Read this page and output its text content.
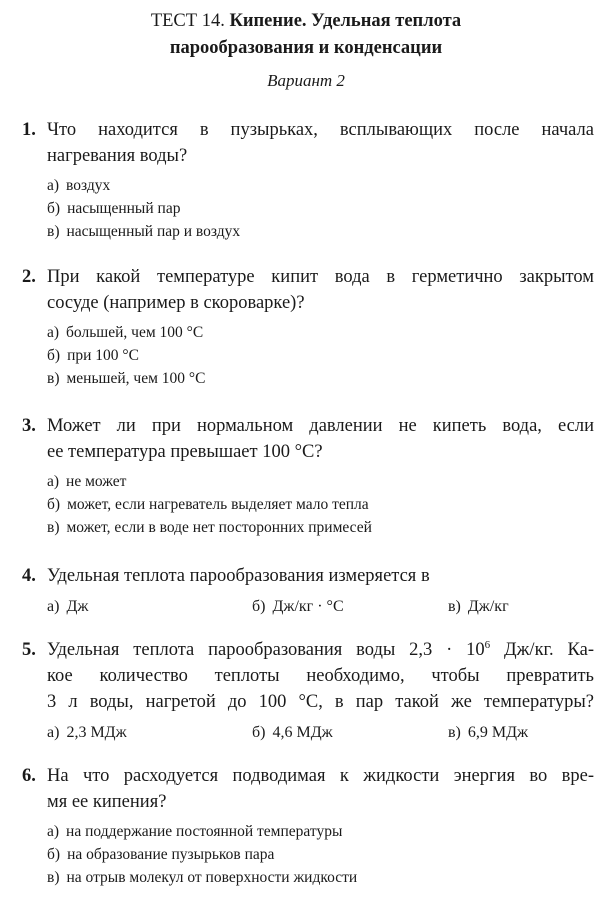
ТЕСТ 14. Кипение. Удельная теплота
парообразования и конденсации
Вариант 2
1. Что находится в пузырьках, всплывающих после начала
нагревания воды?
а) воздух
б) насыщенный пар
в) насыщенный пар и воздух
2. При какой температуре кипит вода в герметично закрытом
сосуде (например в скороварке)?
а) большей, чем 100 °С
б) при 100 °С
в) меньшей, чем 100 °С
3. Может ли при нормальном давлении не кипеть вода, если
ее температура превышает 100 °С?
а) не может
б) может, если нагреватель выделяет мало тепла
в) может, если в воде нет посторонних примесей
4. Удельная теплота парообразования измеряется в
а) Дж	б) Дж/кг · °С	в) Дж/кг
5. Удельная теплота парообразования воды $2,3 \cdot 10^6$ Дж/кг. Ка-
кое количество теплоты необходимо, чтобы превратить
3 л воды, нагретой до 100 °С, в пар такой же температуры?
а) 2,3 МДж	б) 4,6 МДж	в) 6,9 МДж
6. На что расходуется подводимая к жидкости энергия во вре-
мя ее кипения?
а) на поддержание постоянной температуры
б) на образование пузырьков пара
в) на отрыв молекул от поверхности жидкости
